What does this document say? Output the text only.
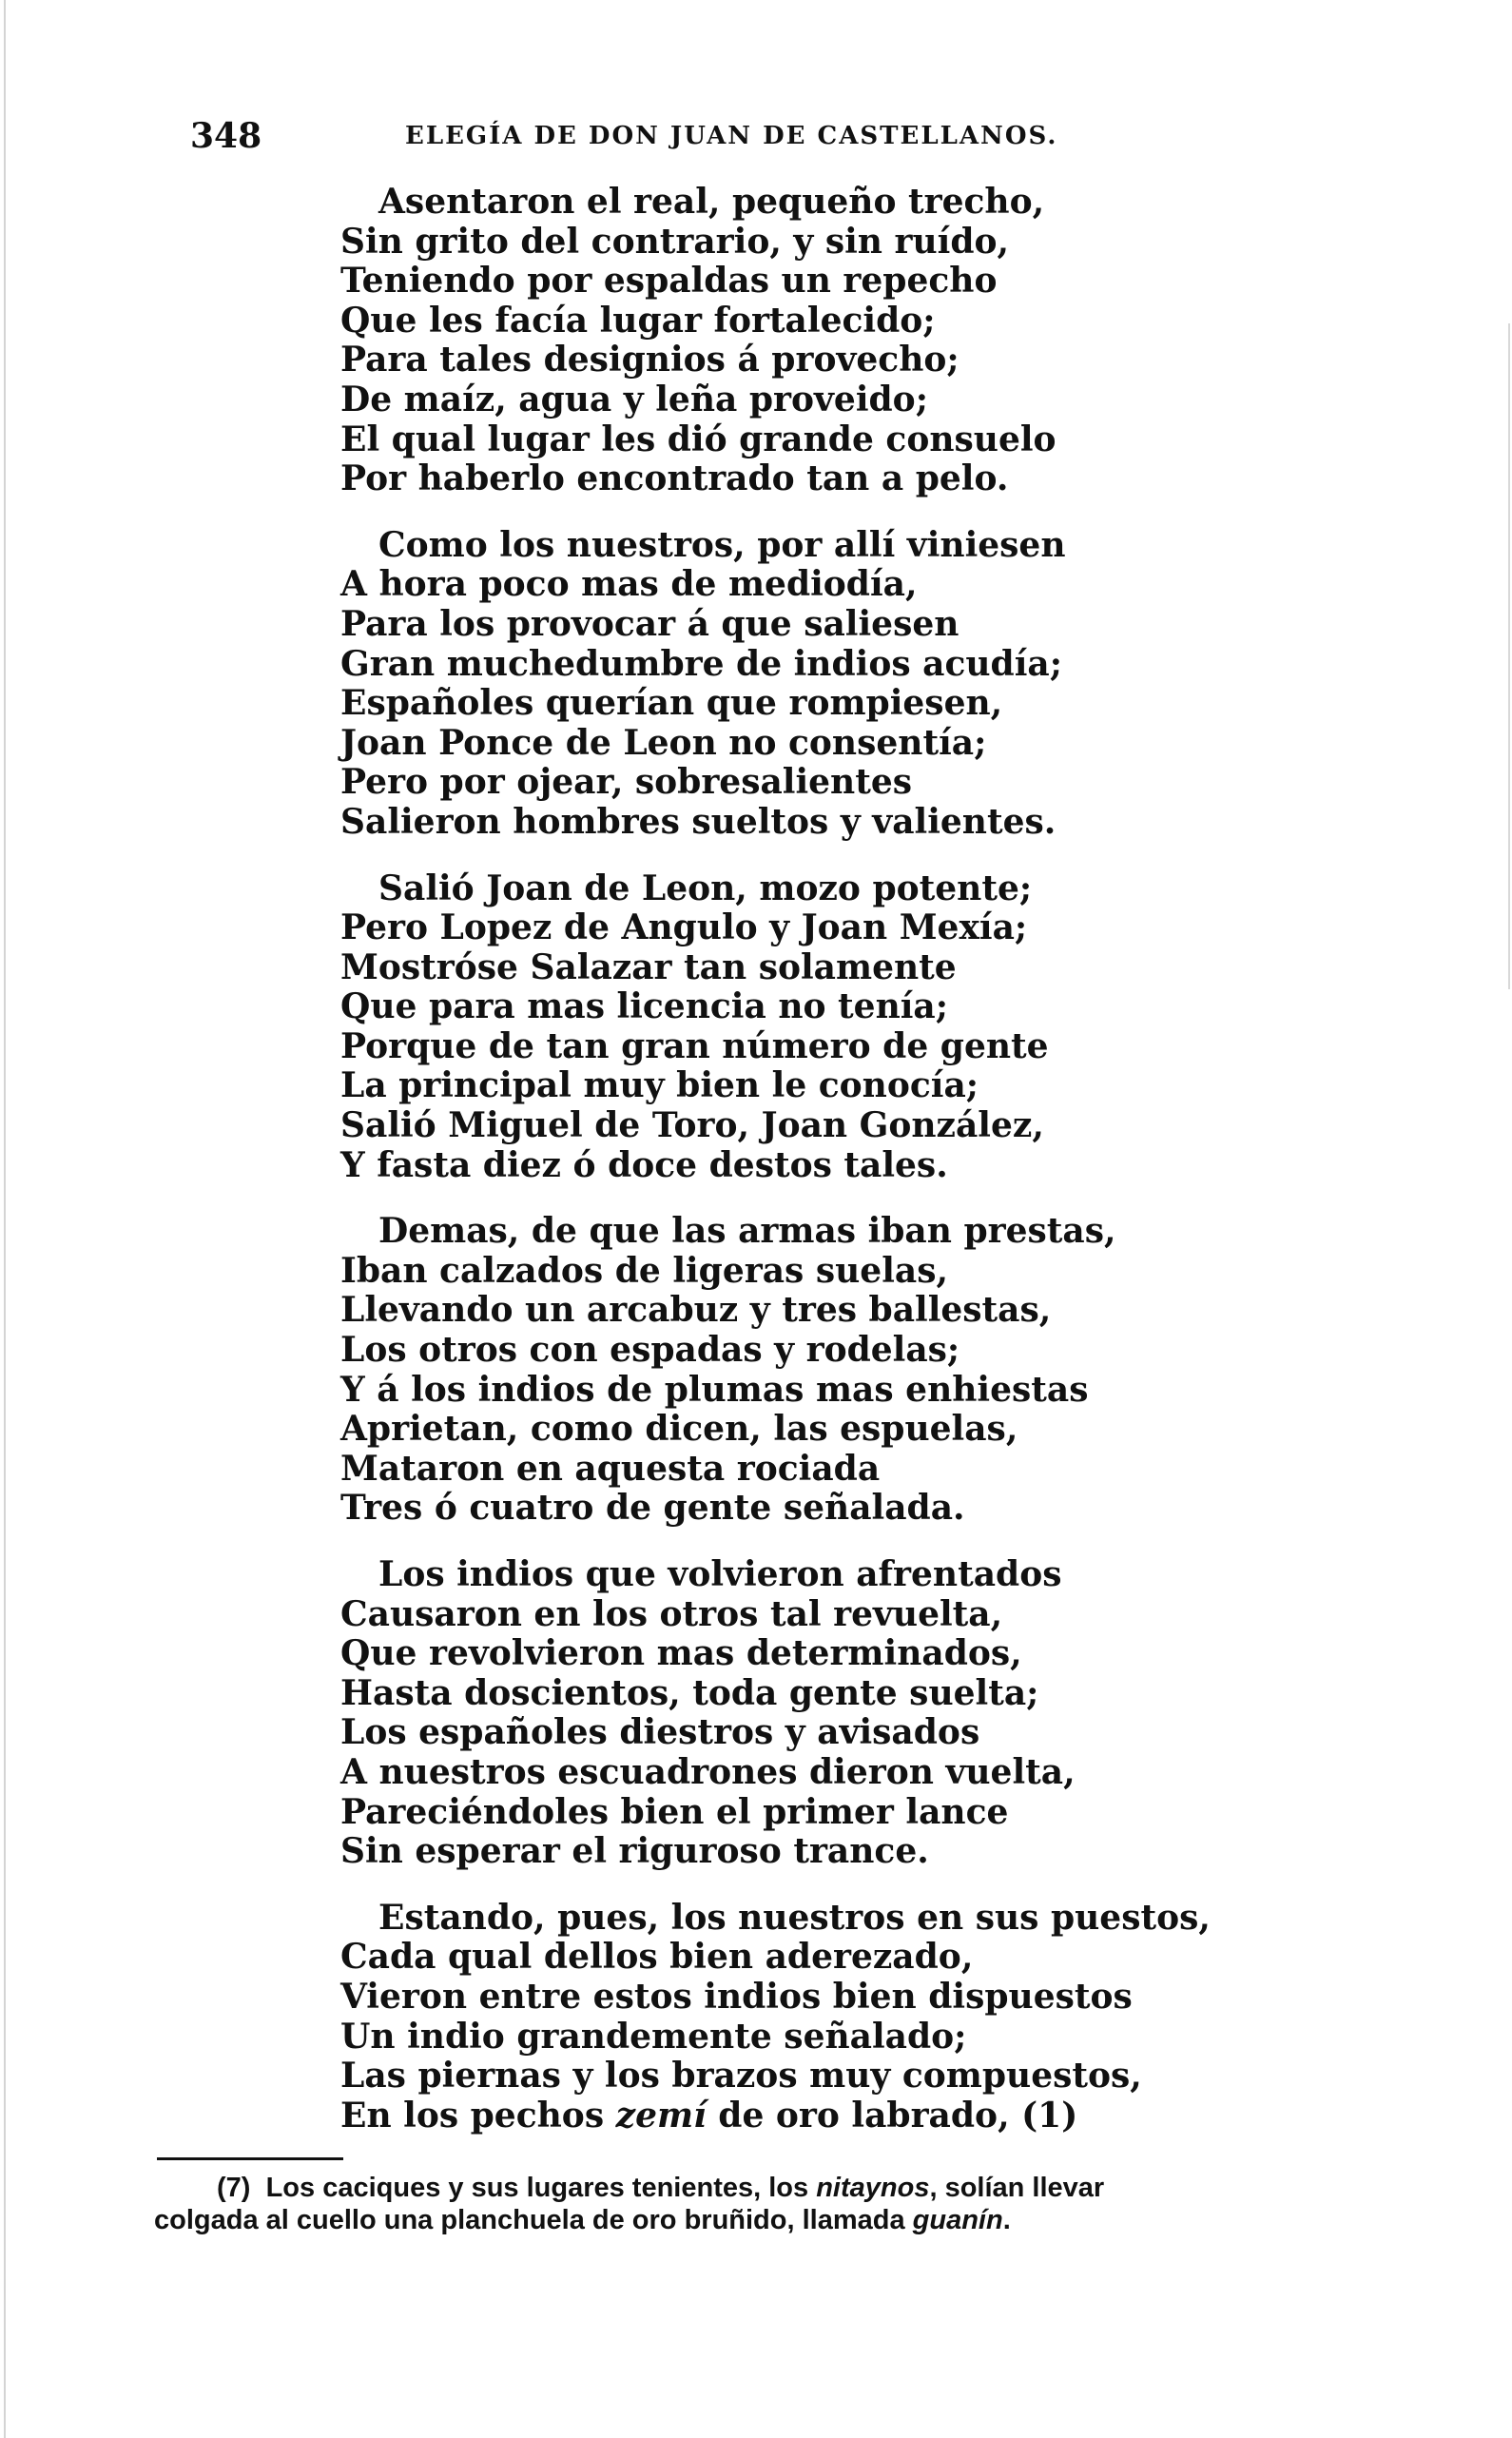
348	ELEGÍA DE DON JUAN DE CASTELLANOS.
Asentaron el real, pequeño trecho,
Sin grito del contrario, y sin ruído,
Teniendo por espaldas un repecho
Que les facía lugar fortalecido;
Para tales designios á provecho;
De maíz, agua y leña proveido;
El qual lugar les dió grande consuelo
Por haberlo encontrado tan a pelo.
Como los nuestros, por allí viniesen
A hora poco mas de mediodía,
Para los provocar á que saliesen
Gran muchedumbre de indios acudía;
Españoles querían que rompiesen,
Joan Ponce de Leon no consentía;
Pero por ojear, sobresalientes
Salieron hombres sueltos y valientes.
Salió Joan de Leon, mozo potente;
Pero Lopez de Angulo y Joan Mexía;
Mostróse Salazar tan solamente
Que para mas licencia no tenía;
Porque de tan gran número de gente
La principal muy bien le conocía;
Salió Miguel de Toro, Joan González,
Y fasta diez ó doce destos tales.
Demas, de que las armas iban prestas,
Iban calzados de ligeras suelas,
Llevando un arcabuz y tres ballestas,
Los otros con espadas y rodelas;
Y á los indios de plumas mas enhiestas
Aprietan, como dicen, las espuelas,
Mataron en aquesta rociada
Tres ó cuatro de gente señalada.
Los indios que volvieron afrentados
Causaron en los otros tal revuelta,
Que revolvieron mas determinados,
Hasta doscientos, toda gente suelta;
Los españoles diestros y avisados
A nuestros escuadrones dieron vuelta,
Pareciéndoles bien el primer lance
Sin esperar el riguroso trance.
Estando, pues, los nuestros en sus puestos,
Cada qual dellos bien aderezado,
Vieron entre estos indios bien dispuestos
Un indio grandemente señalado;
Las piernas y los brazos muy compuestos,
En los pechos zemí de oro labrado, (1)
(7) Los caciques y sus lugares tenientes, los nitaynos, solían llevar
colgada al cuello una planchuela de oro bruñido, llamada guanín.
